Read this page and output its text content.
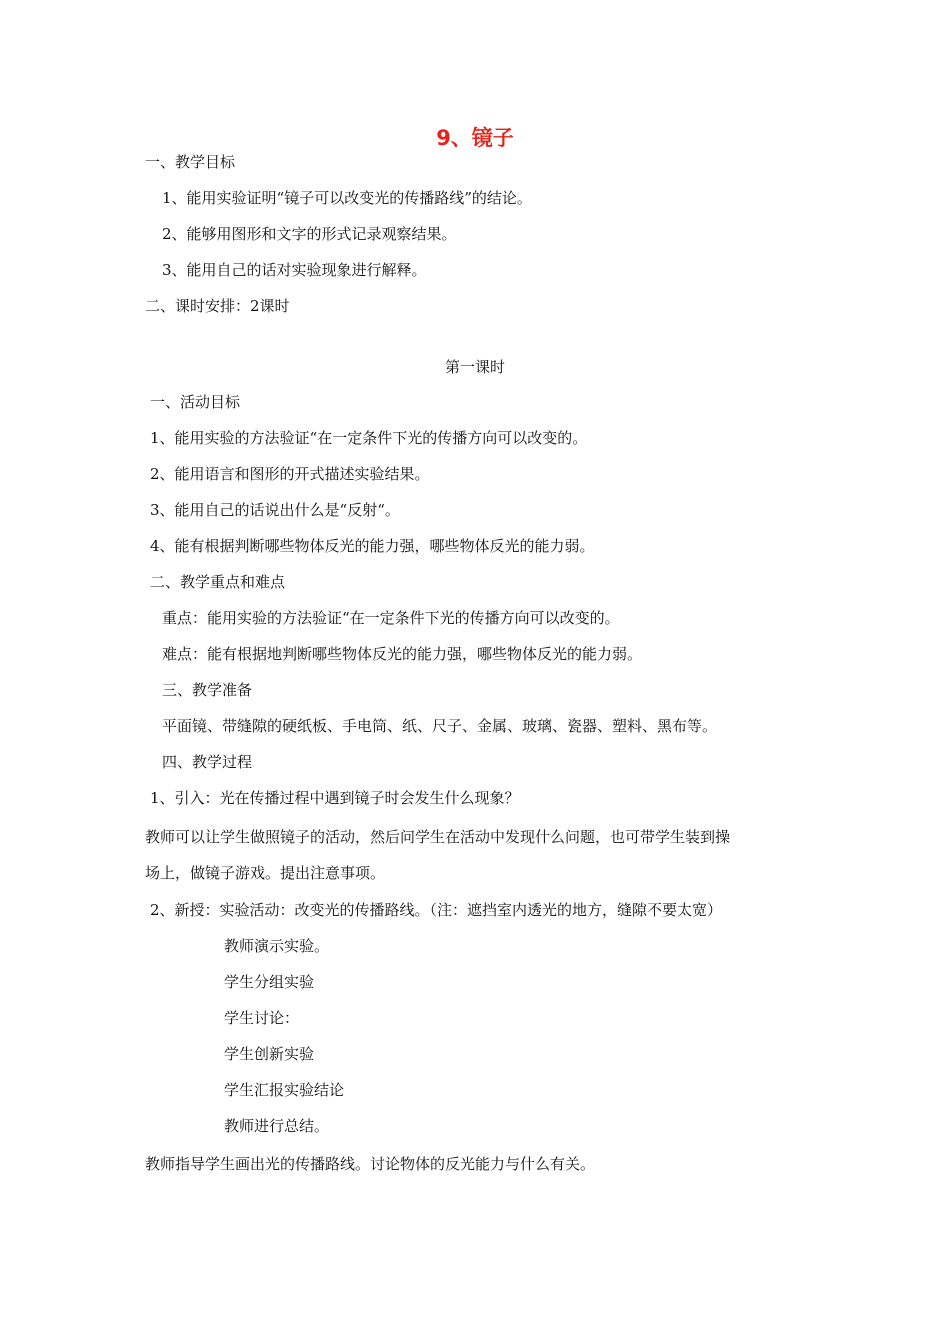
9、镜子
一、教学目标
1、能用实验证明“镜子可以改变光的传播路线”的结论。
2、能够用图形和文字的形式记录观察结果。
3、能用自己的话对实验现象进行解释。
二、课时安排：2课时
第一课时
一、活动目标
1、能用实验的方法验证“在一定条件下光的传播方向可以改变的。
2、能用语言和图形的开式描述实验结果。
3、能用自己的话说出什么是“反射“。
4、能有根据判断哪些物体反光的能力强，哪些物体反光的能力弱。
二、教学重点和难点
重点：能用实验的方法验证“在一定条件下光的传播方向可以改变的。
难点：能有根据地判断哪些物体反光的能力强，哪些物体反光的能力弱。
三、教学准备
平面镜、带缝隙的硬纸板、手电筒、纸、尺子、金属、玻璃、瓷器、塑料、黑布等。
四、教学过程
1、引入：光在传播过程中遇到镜子时会发生什么现象？
教师可以让学生做照镜子的活动，然后问学生在活动中发现什么问题，也可带学生装到操
场上，做镜子游戏。提出注意事项。
2、新授：实验活动：改变光的传播路线。（注：遮挡室内透光的地方，缝隙不要太宽）
教师演示实验。
学生分组实验
学生讨论：
学生创新实验
学生汇报实验结论
教师进行总结。
教师指导学生画出光的传播路线。讨论物体的反光能力与什么有关。
